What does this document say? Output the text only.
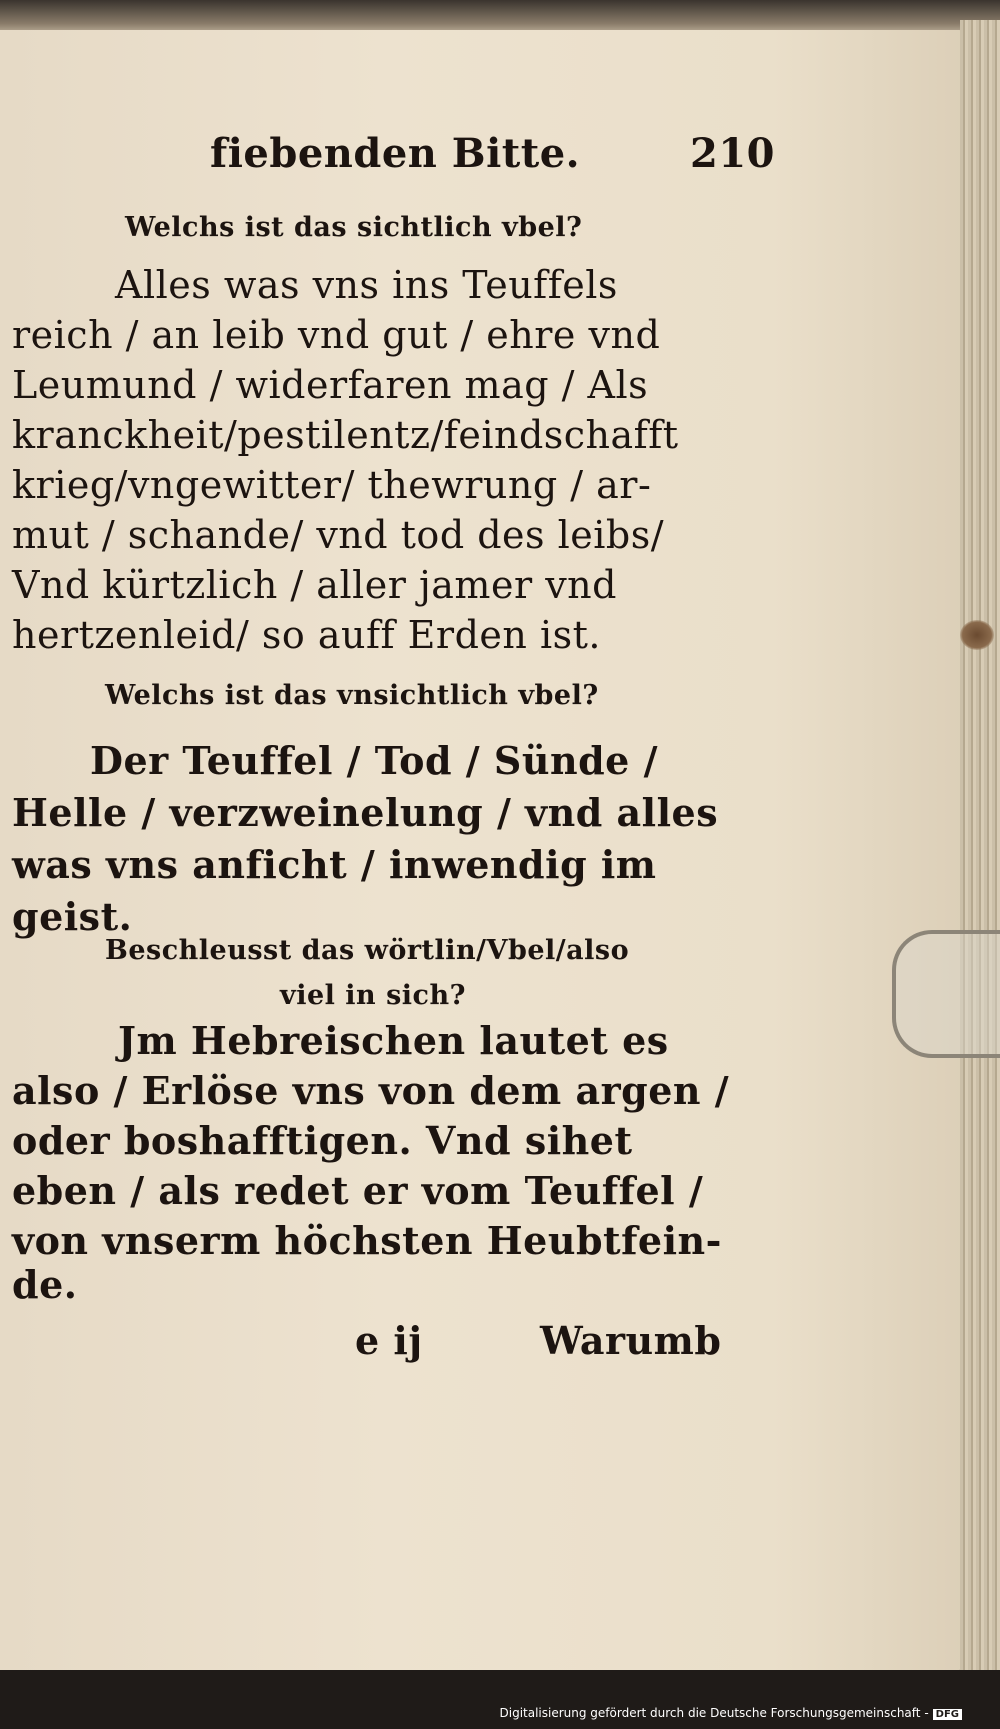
fiebenden Bitte.	210
Welchs ist das sichtlich vbel?
Alles was vns ins Teuffels
reich / an leib vnd gut / ehre vnd
Leumund / widerfaren mag / Als
kranckheit/pestilentz/feindschafft
krieg/vngewitter/ thewrung / ar-
mut / schande/ vnd tod des leibs/
Vnd kürtzlich / aller jamer vnd
hertzenleid/ so auff Erden ist.
Welchs ist das vnsichtlich vbel?
Der Teuffel / Tod / Sünde /
Helle / verzweinelung / vnd alles
was vns anficht / inwendig im
geist.
Beschleusst das wörtlin/Vbel/also
viel in sich?
Jm Hebreischen lautet es
also / Erlöse vns von dem argen /
oder boshafftigen. Vnd sihet
eben / als redet er vom Teuffel /
von vnserm höchsten Heubtfein-
de.
e ij	Warumb
Digitalisierung gefördert durch die Deutsche Forschungsgemeinschaft - DFG
